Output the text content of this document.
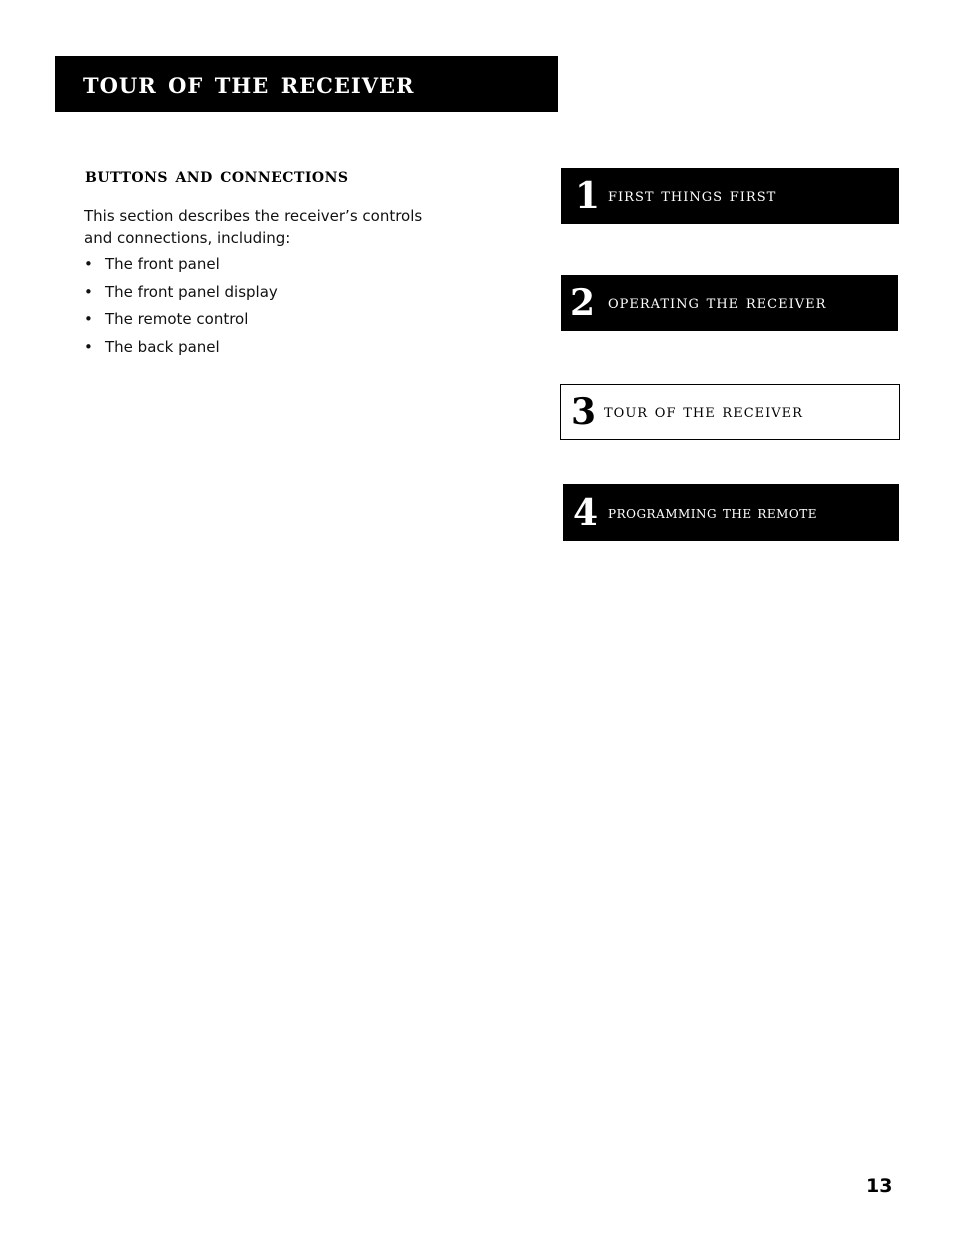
tour of the receiver
buttons and connections
This section describes the receiver’s controls and connections, including:
• The front panel
• The front panel display
• The remote control
• The back panel
1 first things first
2 operating the receiver
3 tour of the receiver
4 programming the remote
13
